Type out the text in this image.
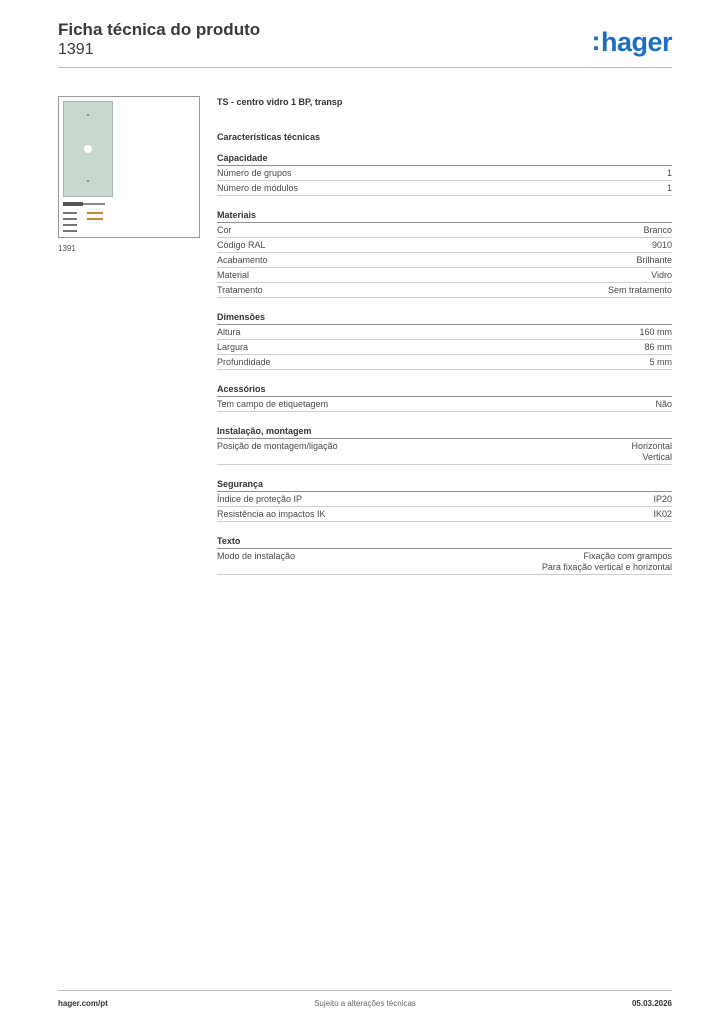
Ficha técnica do produto
1391	:hager
1391
TS - centro vidro 1 BP, transp
Características técnicas
Capacidade
Número de grupos	1
Número de módulos	1
Materiais
Cor	Branco
Código RAL	9010
Acabamento	Brilhante
Material	Vidro
Tratamento	Sem tratamento
Dimensões
Altura	160 mm
Largura	86 mm
Profundidade	5 mm
Acessórios
Tem campo de etiquetagem	Não
Instalação, montagem
Posição de montagem/ligação	Horizontal
Vertical
Segurança
Índice de proteção IP	IP20
Resistência ao impactos IK	IK02
Texto
Modo de instalação	Fixação com grampos
Para fixação vertical e horizontal
hager.com/pt	Sujeito a alterações técnicas	05.03.2026
